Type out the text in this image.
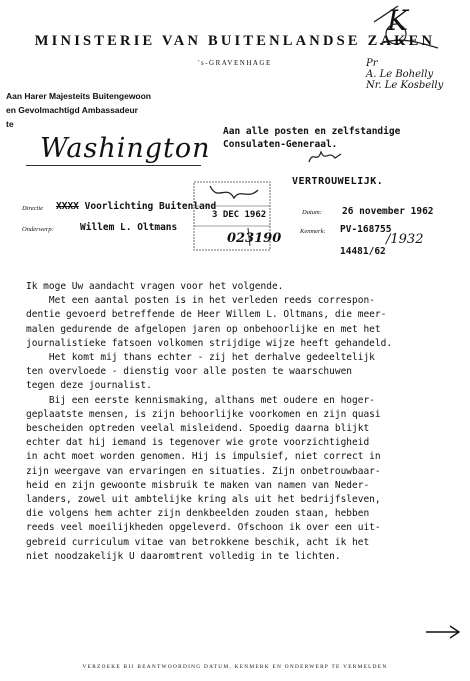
K
Pr
A. Le Bohelly
Nr. Le Kosbelly
MINISTERIE VAN BUITENLANDSE ZAKEN
's-GRAVENHAGE
Aan Harer Majesteits Buitengewoon
en Gevolmachtigd Ambassadeur
te
Washington
Aan alle posten en zelfstandige
Consulaten-Generaal.
VERTROUWELIJK.
Directie XXXX Voorlichting Buitenland
Datum: 26 november 1962
Onderwerp:	Willem L. Oltmans	Kenmerk: PV-168755
/1932
14481/62
3 DEC 1962
023190

Ik moge Uw aandacht vragen voor het volgende.

Met een aantal posten is in het verleden reeds correspon-

dentie gevoerd betreffende de Heer Willem L. Oltmans, die meer-

malen gedurende de afgelopen jaren op onbehoorlijke en met het

journalistieke fatsoen volkomen strijdige wijze heeft gehandeld.

Het komt mij thans echter - zij het derhalve gedeeltelijk

ten overvloede - dienstig voor alle posten te waarschuwen

tegen deze journalist.

Bij een eerste kennismaking, althans met oudere en hoger-

geplaatste mensen, is zijn behoorlijke voorkomen en zijn quasi

bescheiden optreden veelal misleidend. Spoedig daarna blijkt

echter dat hij iemand is tegenover wie grote voorzichtigheid

in acht moet worden genomen. Hij is impulsief, niet correct in

zijn weergave van ervaringen en situaties. Zijn onbetrouwbaar-

heid en zijn gewoonte misbruik te maken van namen van Neder-

landers, zowel uit ambtelijke kring als uit het bedrijfsleven,

die volgens hem achter zijn denkbeelden zouden staan, hebben

reeds veel moeilijkheden opgeleverd. Ofschoon ik over een uit-

gebreid curriculum vitae van betrokkene beschik, acht ik het

niet noodzakelijk U daaromtrent volledig in te lichten.

VERZOEKE BIJ BEANTWOORDING DATUM, KENMERK EN ONDERWERP TE VERMELDEN
